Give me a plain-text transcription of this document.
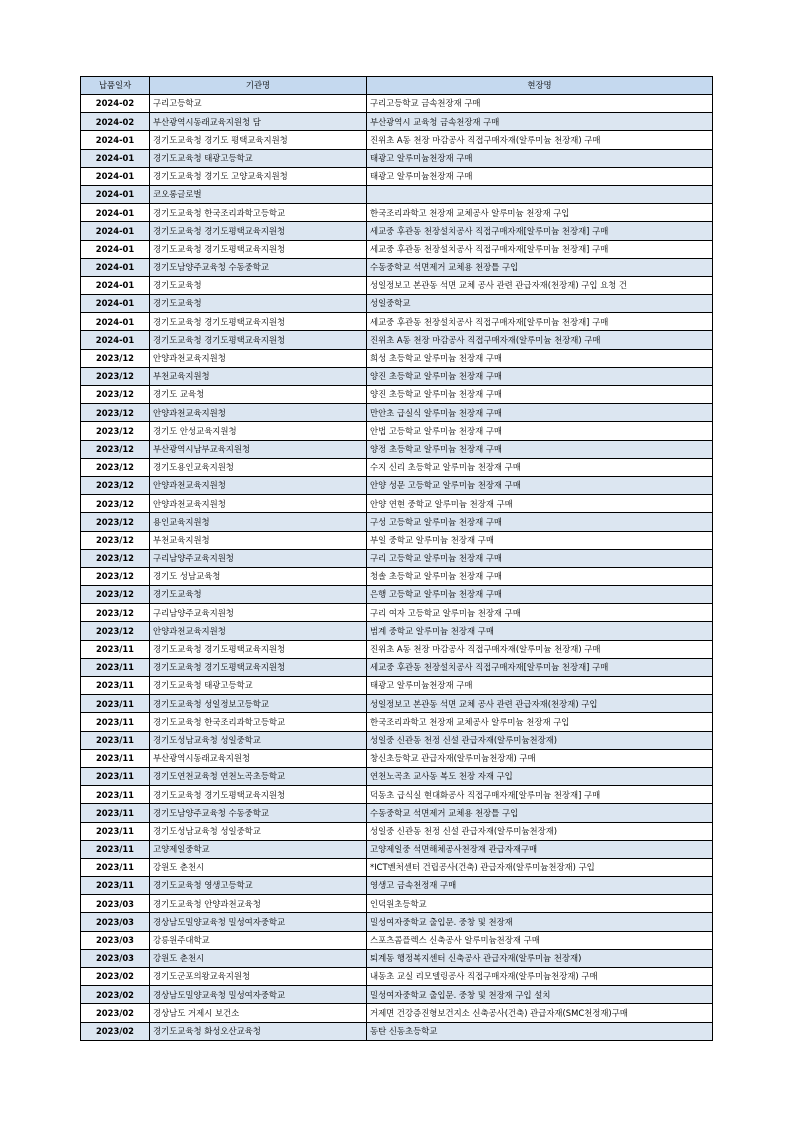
납품일자	기관명	현장명
2024-02	구리고등학교	구리고등학교 금속천장재 구매
2024-02	부산광역시동래교육지원청 담	부산광역시 교육청 금속천장재 구매
2024-01	경기도교육청 경기도 평택교육지원청	진위초 A동 천장 마감공사 직접구매자재(알루미늄 천장재) 구매
2024-01	경기도교육청 태광고등학교	태광고 알루미늄천장재 구매
2024-01	경기도교육청 경기도 고양교육지원청	태광고 알루미늄천장재 구매
2024-01	코오롱글로벌	
2024-01	경기도교육청 한국조리과학고등학교	한국조리과학고 천장재 교체공사 알루미늄 천장재 구입
2024-01	경기도교육청 경기도평택교육지원청	세교중 후관동 천장설치공사 직접구매자재[알루미늄 천장재] 구매
2024-01	경기도교육청 경기도평택교육지원청	세교중 후관동 천장설치공사 직접구매자재[알루미늄 천장재] 구매
2024-01	경기도남양주교육청 수동중학교	수동중학교 석면제거 교체용 천장틀 구입
2024-01	경기도교육청	성일정보고 본관동 석면 교체 공사 관련 관급자재(천장재) 구입 요청 건
2024-01	경기도교육청	성일중학교
2024-01	경기도교육청 경기도평택교육지원청	세교중 후관동 천장설치공사 직접구매자재[알루미늄 천장재] 구매
2024-01	경기도교육청 경기도평택교육지원청	진위초 A동 천장 마감공사 직접구매자재(알루미늄 천장재) 구매
2023/12	안양과천교육지원청	희성 초등학교 알루미늄 천장재 구매
2023/12	부천교육지원청	양진 초등학교 알루미늄 천장재 구매
2023/12	경기도 교육청	양진 초등학교 알루미늄 천장재 구매
2023/12	안양과천교육지원청	만안초 급실식 알루미늄 천장재 구매
2023/12	경기도 안성교육지원청	안법 고등학교 알루미늄 천장재 구매
2023/12	부산광역시남부교육지원청	양정 초등학교 알루미늄 천장재 구매
2023/12	경기도용인교육지원청	수지 신리 초등학교 알루미늄 천장재 구매
2023/12	안양과천교육지원청	안양 성문 고등학교 알루미늄 천장재 구매
2023/12	안양과천교육지원청	안양 연현 중학교 알루미늄 천장재 구매
2023/12	용인교육지원청	구성 고등학교 알루미늄 천장재 구매
2023/12	부천교육지원청	부일 중학교 알루미늄 천장재 구매
2023/12	구리남양주교육지원청	구리 고등학교 알루미늄 천장재 구매
2023/12	경기도 성남교육청	청솔 초등학교 알루미늄 천장재 구매
2023/12	경기도교육청	은행 고등학교 알루미늄 천장재 구매
2023/12	구리남양주교육지원청	구리 여자 고등학교 알루미늄 천장재 구매
2023/12	안양과천교육지원청	범계 중학교 알루미늄 천장재 구매
2023/11	경기도교육청 경기도평택교육지원청	진위초 A동 천장 마감공사 직접구매자재(알루미늄 천장재) 구매
2023/11	경기도교육청 경기도평택교육지원청	세교중 후관동 천장설치공사 직접구매자재[알루미늄 천장재] 구매
2023/11	경기도교육청 태광고등학교	태광고 알루미늄천장재 구매
2023/11	경기도교육청 성일정보고등학교	성일정보고 본관동 석면 교체 공사 관련 관급자재(천장재) 구입
2023/11	경기도교육청 한국조리과학고등학교	한국조리과학고 천장재 교체공사 알루미늄 천장재 구입
2023/11	경기도성남교육청 성일중학교	성일중 신관동 천정 신설 관급자재(알루미늄천장재)
2023/11	부산광역시동래교육지원청	창신초등학교 관급자재(알루미늄천장재) 구매
2023/11	경기도연천교육청 연천노곡초등학교	연천노곡초 교사동 복도 천장 자재 구입
2023/11	경기도교육청 경기도평택교육지원청	덕동초 급식실 현대화공사 직접구매자재[알루미늄 천장재] 구매
2023/11	경기도남양주교육청 수동중학교	수동중학교 석면제거 교체용 천장틀 구입
2023/11	경기도성남교육청 성일중학교	성일중 신관동 천정 신설 관급자재(알루미늄천장재)
2023/11	고양제일중학교	고양제일중 석면해체공사천장재 관급자재구매
2023/11	강원도 춘천시	*ICT벤처센터 건립공사(건축) 관급자재(알루미늄천장재) 구입
2023/11	경기도교육청 영생고등학교	영생고 금속천정재 구매
2023/03	경기도교육청 안양과천교육청	인덕원초등학교
2023/03	경상남도밀양교육청 밀성여자중학교	밀성여자중학교 출입문. 중창 및 천장재
2023/03	강릉원주대학교	스포츠콤플렉스 신축공사 알루미늄천장재 구매
2023/03	강원도 춘천시	퇴계동 행정복지센터 신축공사 관급자재(알루미늄 천장재)
2023/02	경기도군포의왕교육지원청	내동초 교실 리모델링공사 직접구매자재(알루미늄천장재) 구매
2023/02	경상남도밀양교육청 밀성여자중학교	밀성여자중학교 출입문. 중창 및 천장재 구입 설치
2023/02	경상남도 거제시 보건소	거제면 건강증진형보건지소 신축공사(건축) 관급자재(SMC천정재)구매
2023/02	경기도교육청 화성오산교육청	동탄 신동초등학교
